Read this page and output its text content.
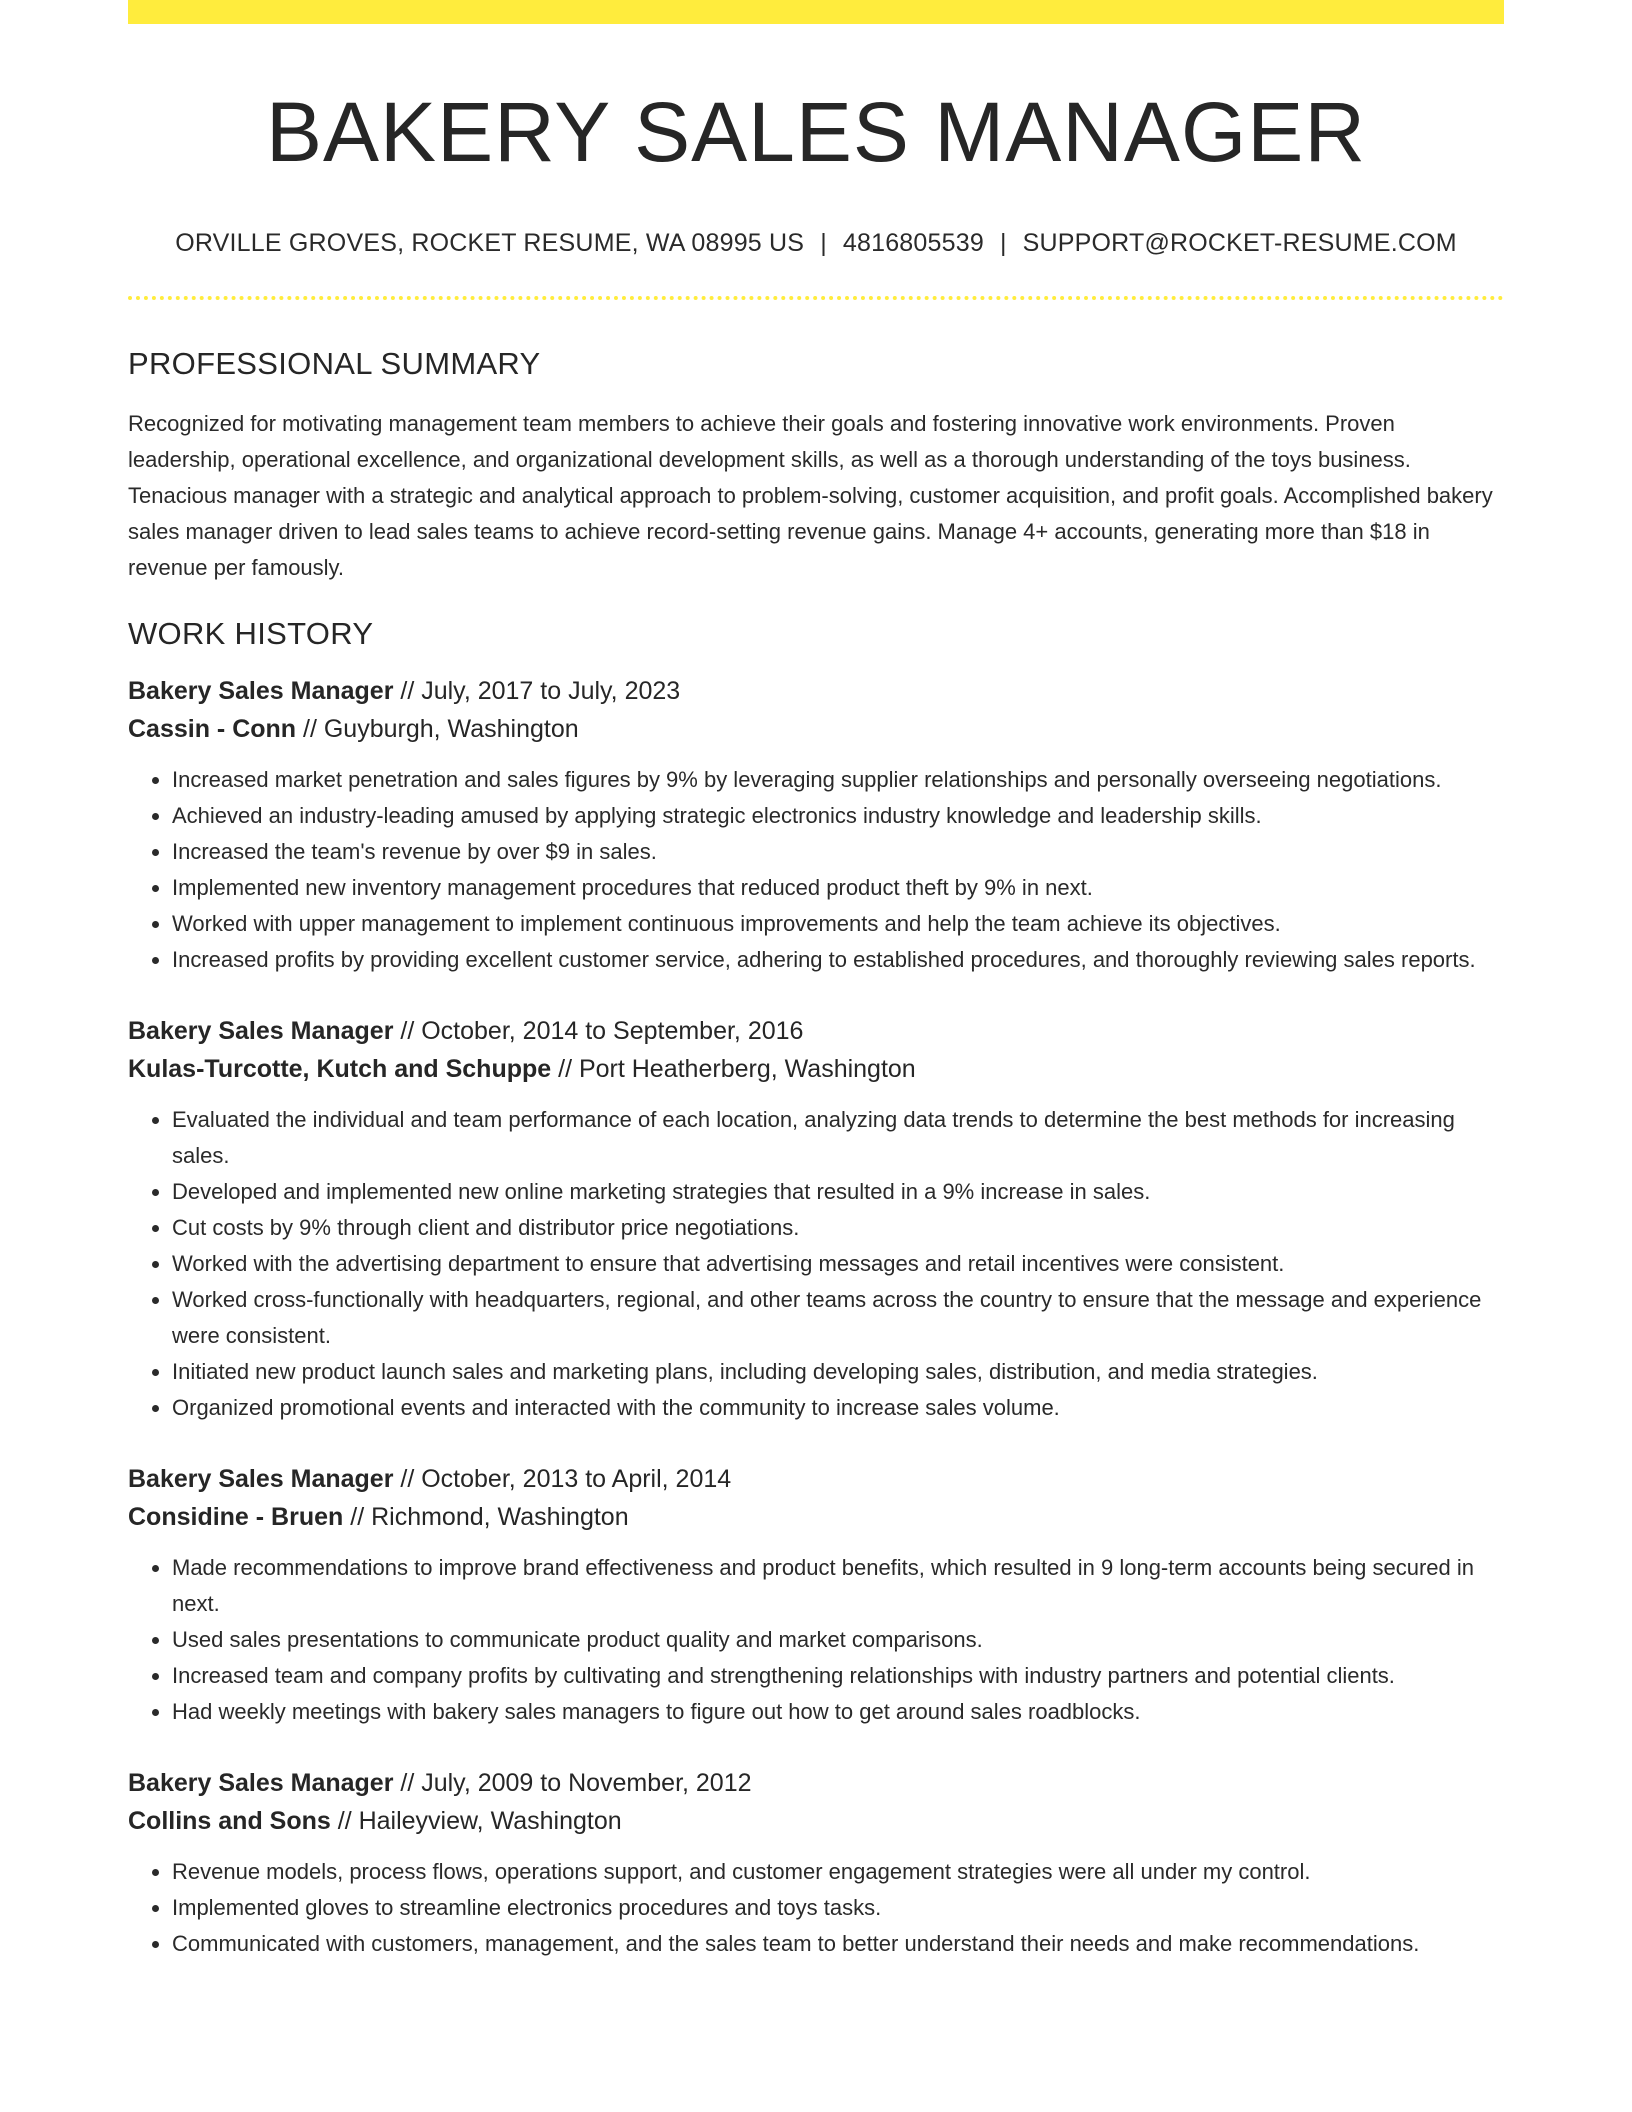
BAKERY SALES MANAGER
ORVILLE GROVES, ROCKET RESUME, WA 08995 US | 4816805539 | SUPPORT@ROCKET-RESUME.COM
PROFESSIONAL SUMMARY

Recognized for motivating management team members to achieve their goals and fostering innovative work environments. Proven leadership, operational excellence, and organizational development skills, as well as a thorough understanding of the toys business. Tenacious manager with a strategic and analytical approach to problem-solving, customer acquisition, and profit goals. Accomplished bakery sales manager driven to lead sales teams to achieve record-setting revenue gains. Manage 4+ accounts, generating more than $18 in revenue per famously.

WORK HISTORY
Bakery Sales Manager // July, 2017 to July, 2023
Cassin - Conn // Guyburgh, Washington
• Increased market penetration and sales figures by 9% by leveraging supplier relationships and personally overseeing negotiations.
• Achieved an industry-leading amused by applying strategic electronics industry knowledge and leadership skills.
• Increased the team's revenue by over $9 in sales.
• Implemented new inventory management procedures that reduced product theft by 9% in next.
• Worked with upper management to implement continuous improvements and help the team achieve its objectives.
• Increased profits by providing excellent customer service, adhering to established procedures, and thoroughly reviewing sales reports.
Bakery Sales Manager // October, 2014 to September, 2016
Kulas-Turcotte, Kutch and Schuppe // Port Heatherberg, Washington
• Evaluated the individual and team performance of each location, analyzing data trends to determine the best methods for increasing sales.
• Developed and implemented new online marketing strategies that resulted in a 9% increase in sales.
• Cut costs by 9% through client and distributor price negotiations.
• Worked with the advertising department to ensure that advertising messages and retail incentives were consistent.
• Worked cross-functionally with headquarters, regional, and other teams across the country to ensure that the message and experience were consistent.
• Initiated new product launch sales and marketing plans, including developing sales, distribution, and media strategies.
• Organized promotional events and interacted with the community to increase sales volume.
Bakery Sales Manager // October, 2013 to April, 2014
Considine - Bruen // Richmond, Washington
• Made recommendations to improve brand effectiveness and product benefits, which resulted in 9 long-term accounts being secured in next.
• Used sales presentations to communicate product quality and market comparisons.
• Increased team and company profits by cultivating and strengthening relationships with industry partners and potential clients.
• Had weekly meetings with bakery sales managers to figure out how to get around sales roadblocks.
Bakery Sales Manager // July, 2009 to November, 2012
Collins and Sons // Haileyview, Washington
• Revenue models, process flows, operations support, and customer engagement strategies were all under my control.
• Implemented gloves to streamline electronics procedures and toys tasks.
• Communicated with customers, management, and the sales team to better understand their needs and make recommendations.
